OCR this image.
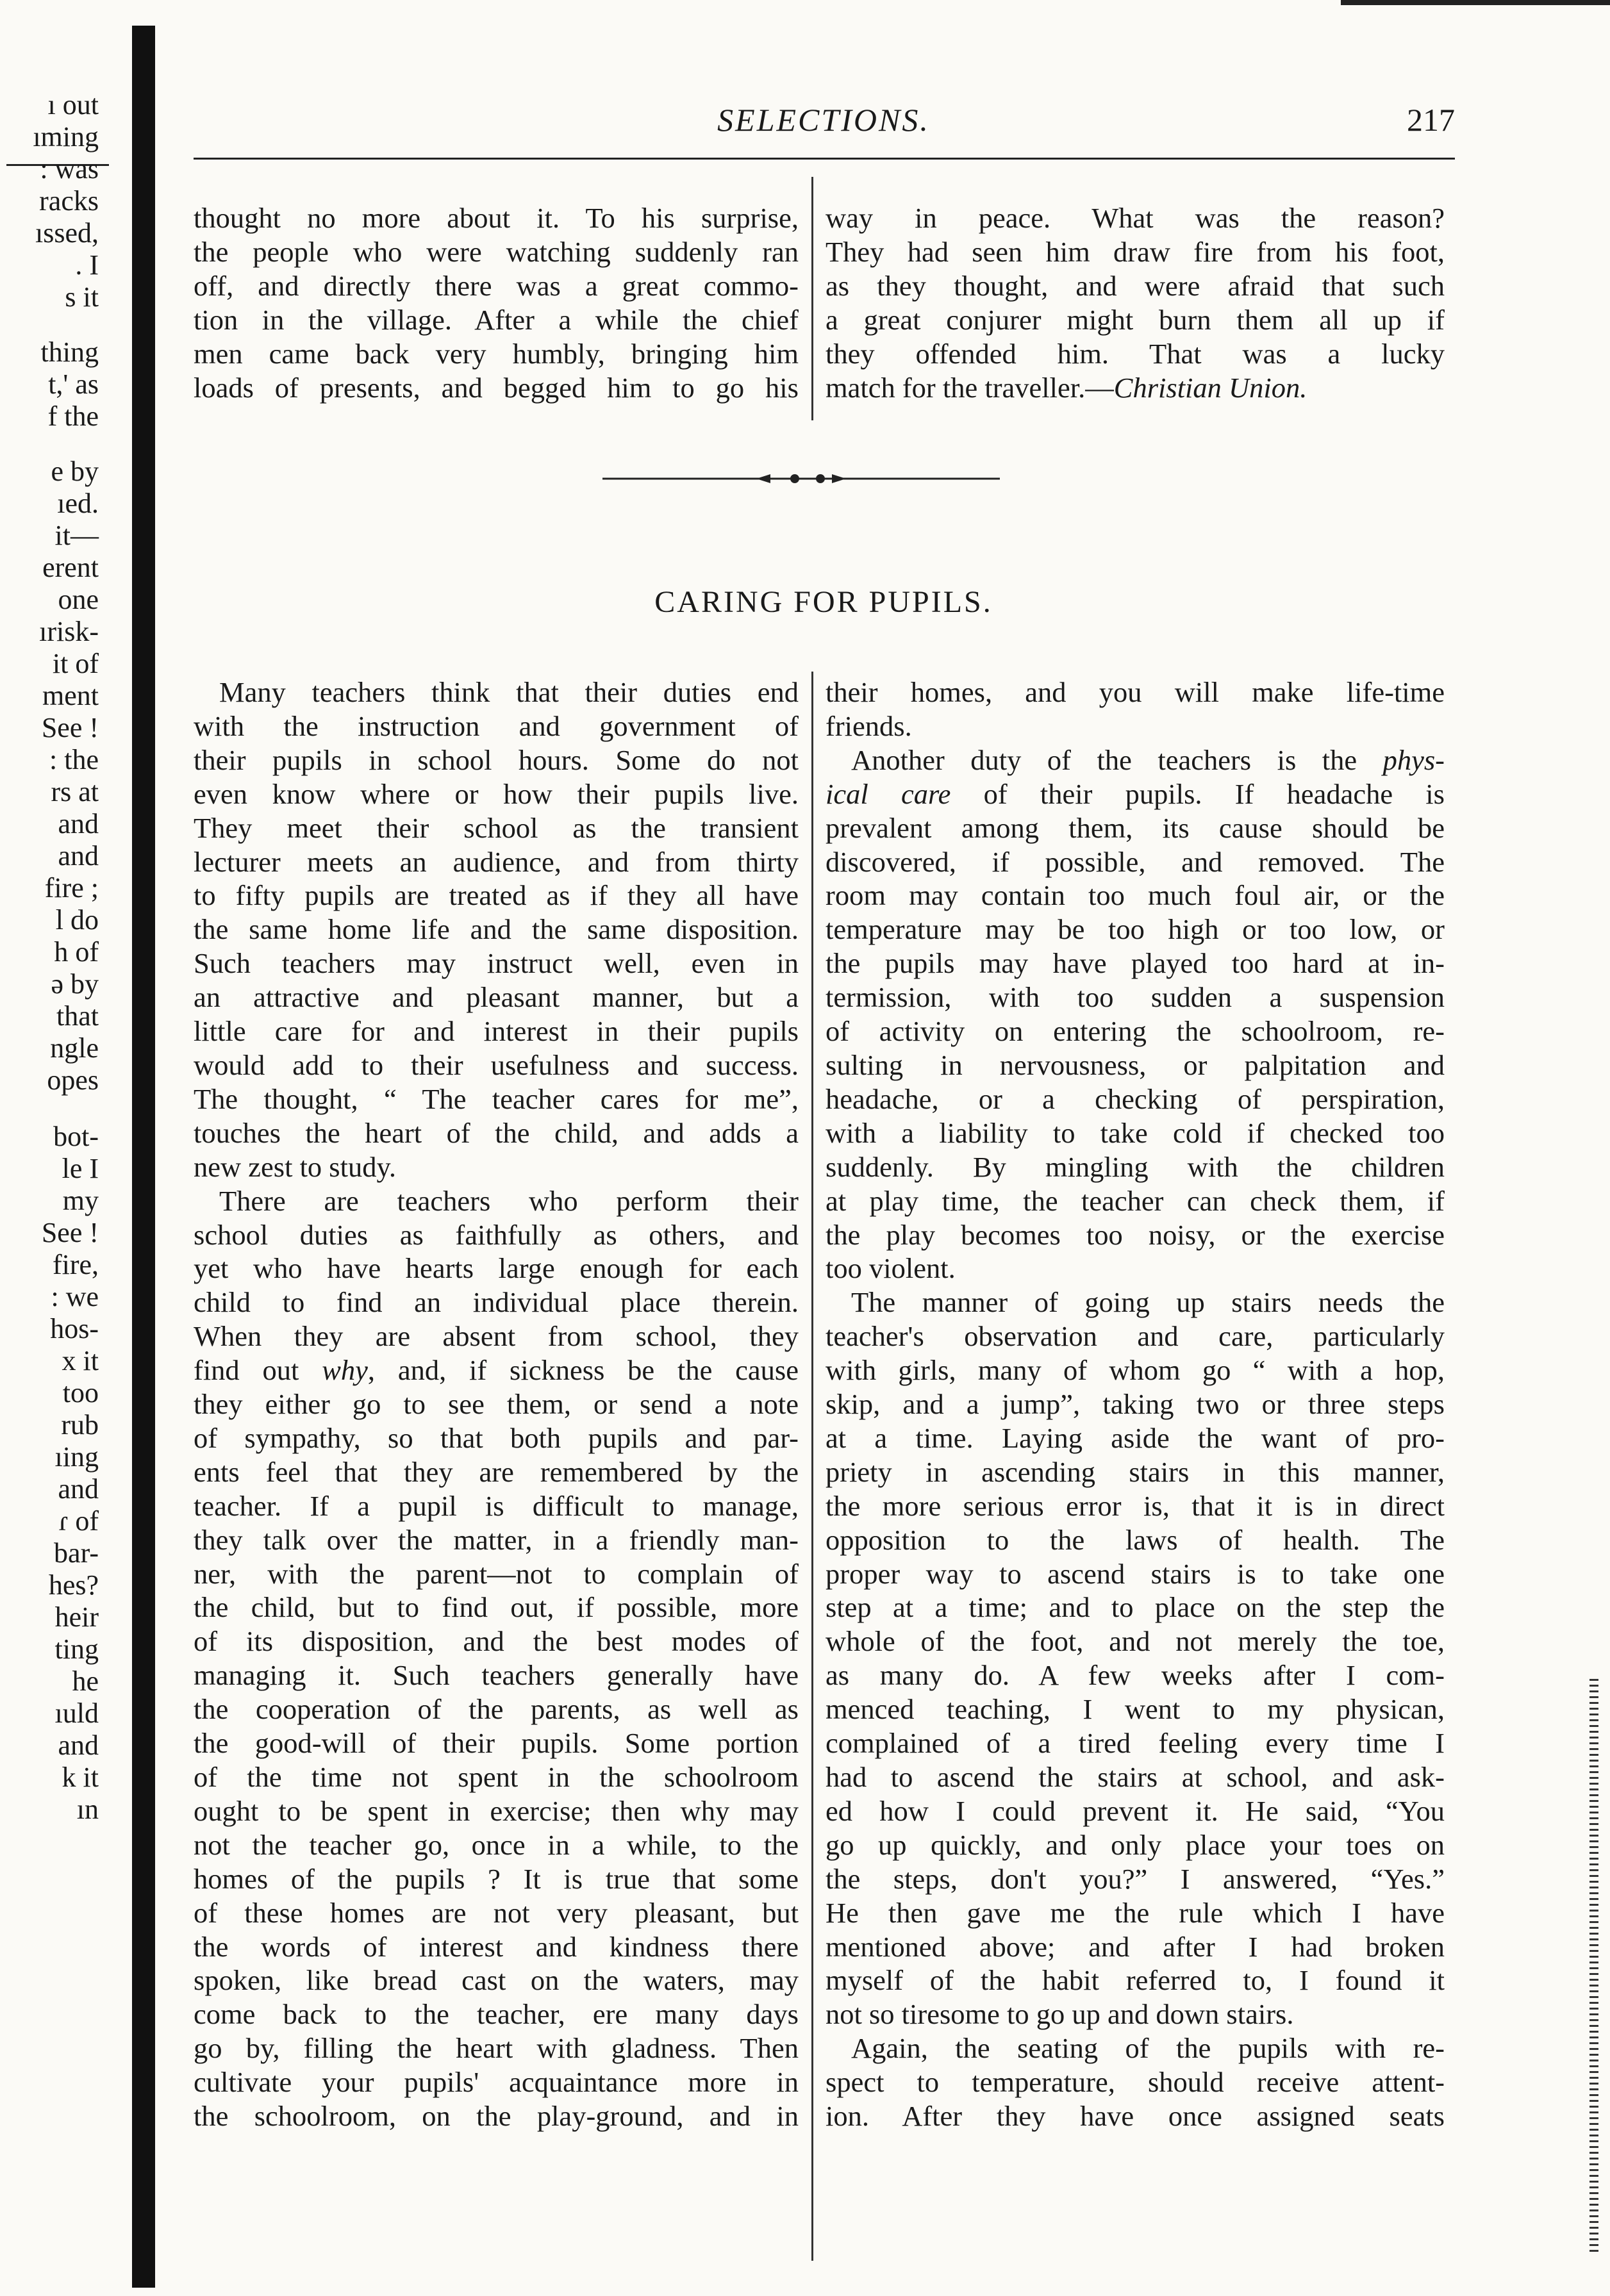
ı out
ıming
: was
racks
ıssed,
. I
s it
thing
t,' as
f the
e by
ıed.
it—
erent
one
ırisk-
it of
ment
See !
: the
rs at
and
and
fire ;
l do
h of
ə by
that
ngle
opes
bot-
le I
my
See !
fire,
: we
hos-
x it
too
rub
ıing
and
ɾ of
bar-
hes?
heir
ting
he
ıuld
and
k it
ın
SELECTIONS.	217
thought no more about it. To his surprise,
the people who were watching suddenly ran
off, and directly there was a great commo-
tion in the village. After a while the chief
men came back very humbly, bringing him
loads of presents, and begged him to go his
way in peace. What was the reason?
They had seen him draw fire from his foot,
as they thought, and were afraid that such
a great conjurer might burn them all up if
they offended him. That was a lucky
match for the traveller.—Christian Union.
CARING FOR PUPILS.
Many teachers think that their duties end
with the instruction and government of
their pupils in school hours. Some do not
even know where or how their pupils live.
They meet their school as the transient
lecturer meets an audience, and from thirty
to fifty pupils are treated as if they all have
the same home life and the same disposition.
Such teachers may instruct well, even in
an attractive and pleasant manner, but a
little care for and interest in their pupils
would add to their usefulness and success.
The thought, “ The teacher cares for me”,
touches the heart of the child, and adds a
new zest to study.
There are teachers who perform their
school duties as faithfully as others, and
yet who have hearts large enough for each
child to find an individual place therein.
When they are absent from school, they
find out why, and, if sickness be the cause
they either go to see them, or send a note
of sympathy, so that both pupils and par-
ents feel that they are remembered by the
teacher. If a pupil is difficult to manage,
they talk over the matter, in a friendly man-
ner, with the parent—not to complain of
the child, but to find out, if possible, more
of its disposition, and the best modes of
managing it. Such teachers generally have
the cooperation of the parents, as well as
the good-will of their pupils. Some portion
of the time not spent in the schoolroom
ought to be spent in exercise; then why may
not the teacher go, once in a while, to the
homes of the pupils ? It is true that some
of these homes are not very pleasant, but
the words of interest and kindness there
spoken, like bread cast on the waters, may
come back to the teacher, ere many days
go by, filling the heart with gladness. Then
cultivate your pupils' acquaintance more in
the schoolroom, on the play-ground, and in
their homes, and you will make life-time
friends.
Another duty of the teachers is the phys-
ical care of their pupils. If headache is
prevalent among them, its cause should be
discovered, if possible, and removed. The
room may contain too much foul air, or the
temperature may be too high or too low, or
the pupils may have played too hard at in-
termission, with too sudden a suspension
of activity on entering the schoolroom, re-
sulting in nervousness, or palpitation and
headache, or a checking of perspiration,
with a liability to take cold if checked too
suddenly. By mingling with the children
at play time, the teacher can check them, if
the play becomes too noisy, or the exercise
too violent.
The manner of going up stairs needs the
teacher's observation and care, particularly
with girls, many of whom go “ with a hop,
skip, and a jump”, taking two or three steps
at a time. Laying aside the want of pro-
priety in ascending stairs in this manner,
the more serious error is, that it is in direct
opposition to the laws of health. The
proper way to ascend stairs is to take one
step at a time; and to place on the step the
whole of the foot, and not merely the toe,
as many do. A few weeks after I com-
menced teaching, I went to my physican,
complained of a tired feeling every time I
had to ascend the stairs at school, and ask-
ed how I could prevent it. He said, “You
go up quickly, and only place your toes on
the steps, don't you?” I answered, “Yes.”
He then gave me the rule which I have
mentioned above; and after I had broken
myself of the habit referred to, I found it
not so tiresome to go up and down stairs.
Again, the seating of the pupils with re-
spect to temperature, should receive attent-
ion. After they have once assigned seats
